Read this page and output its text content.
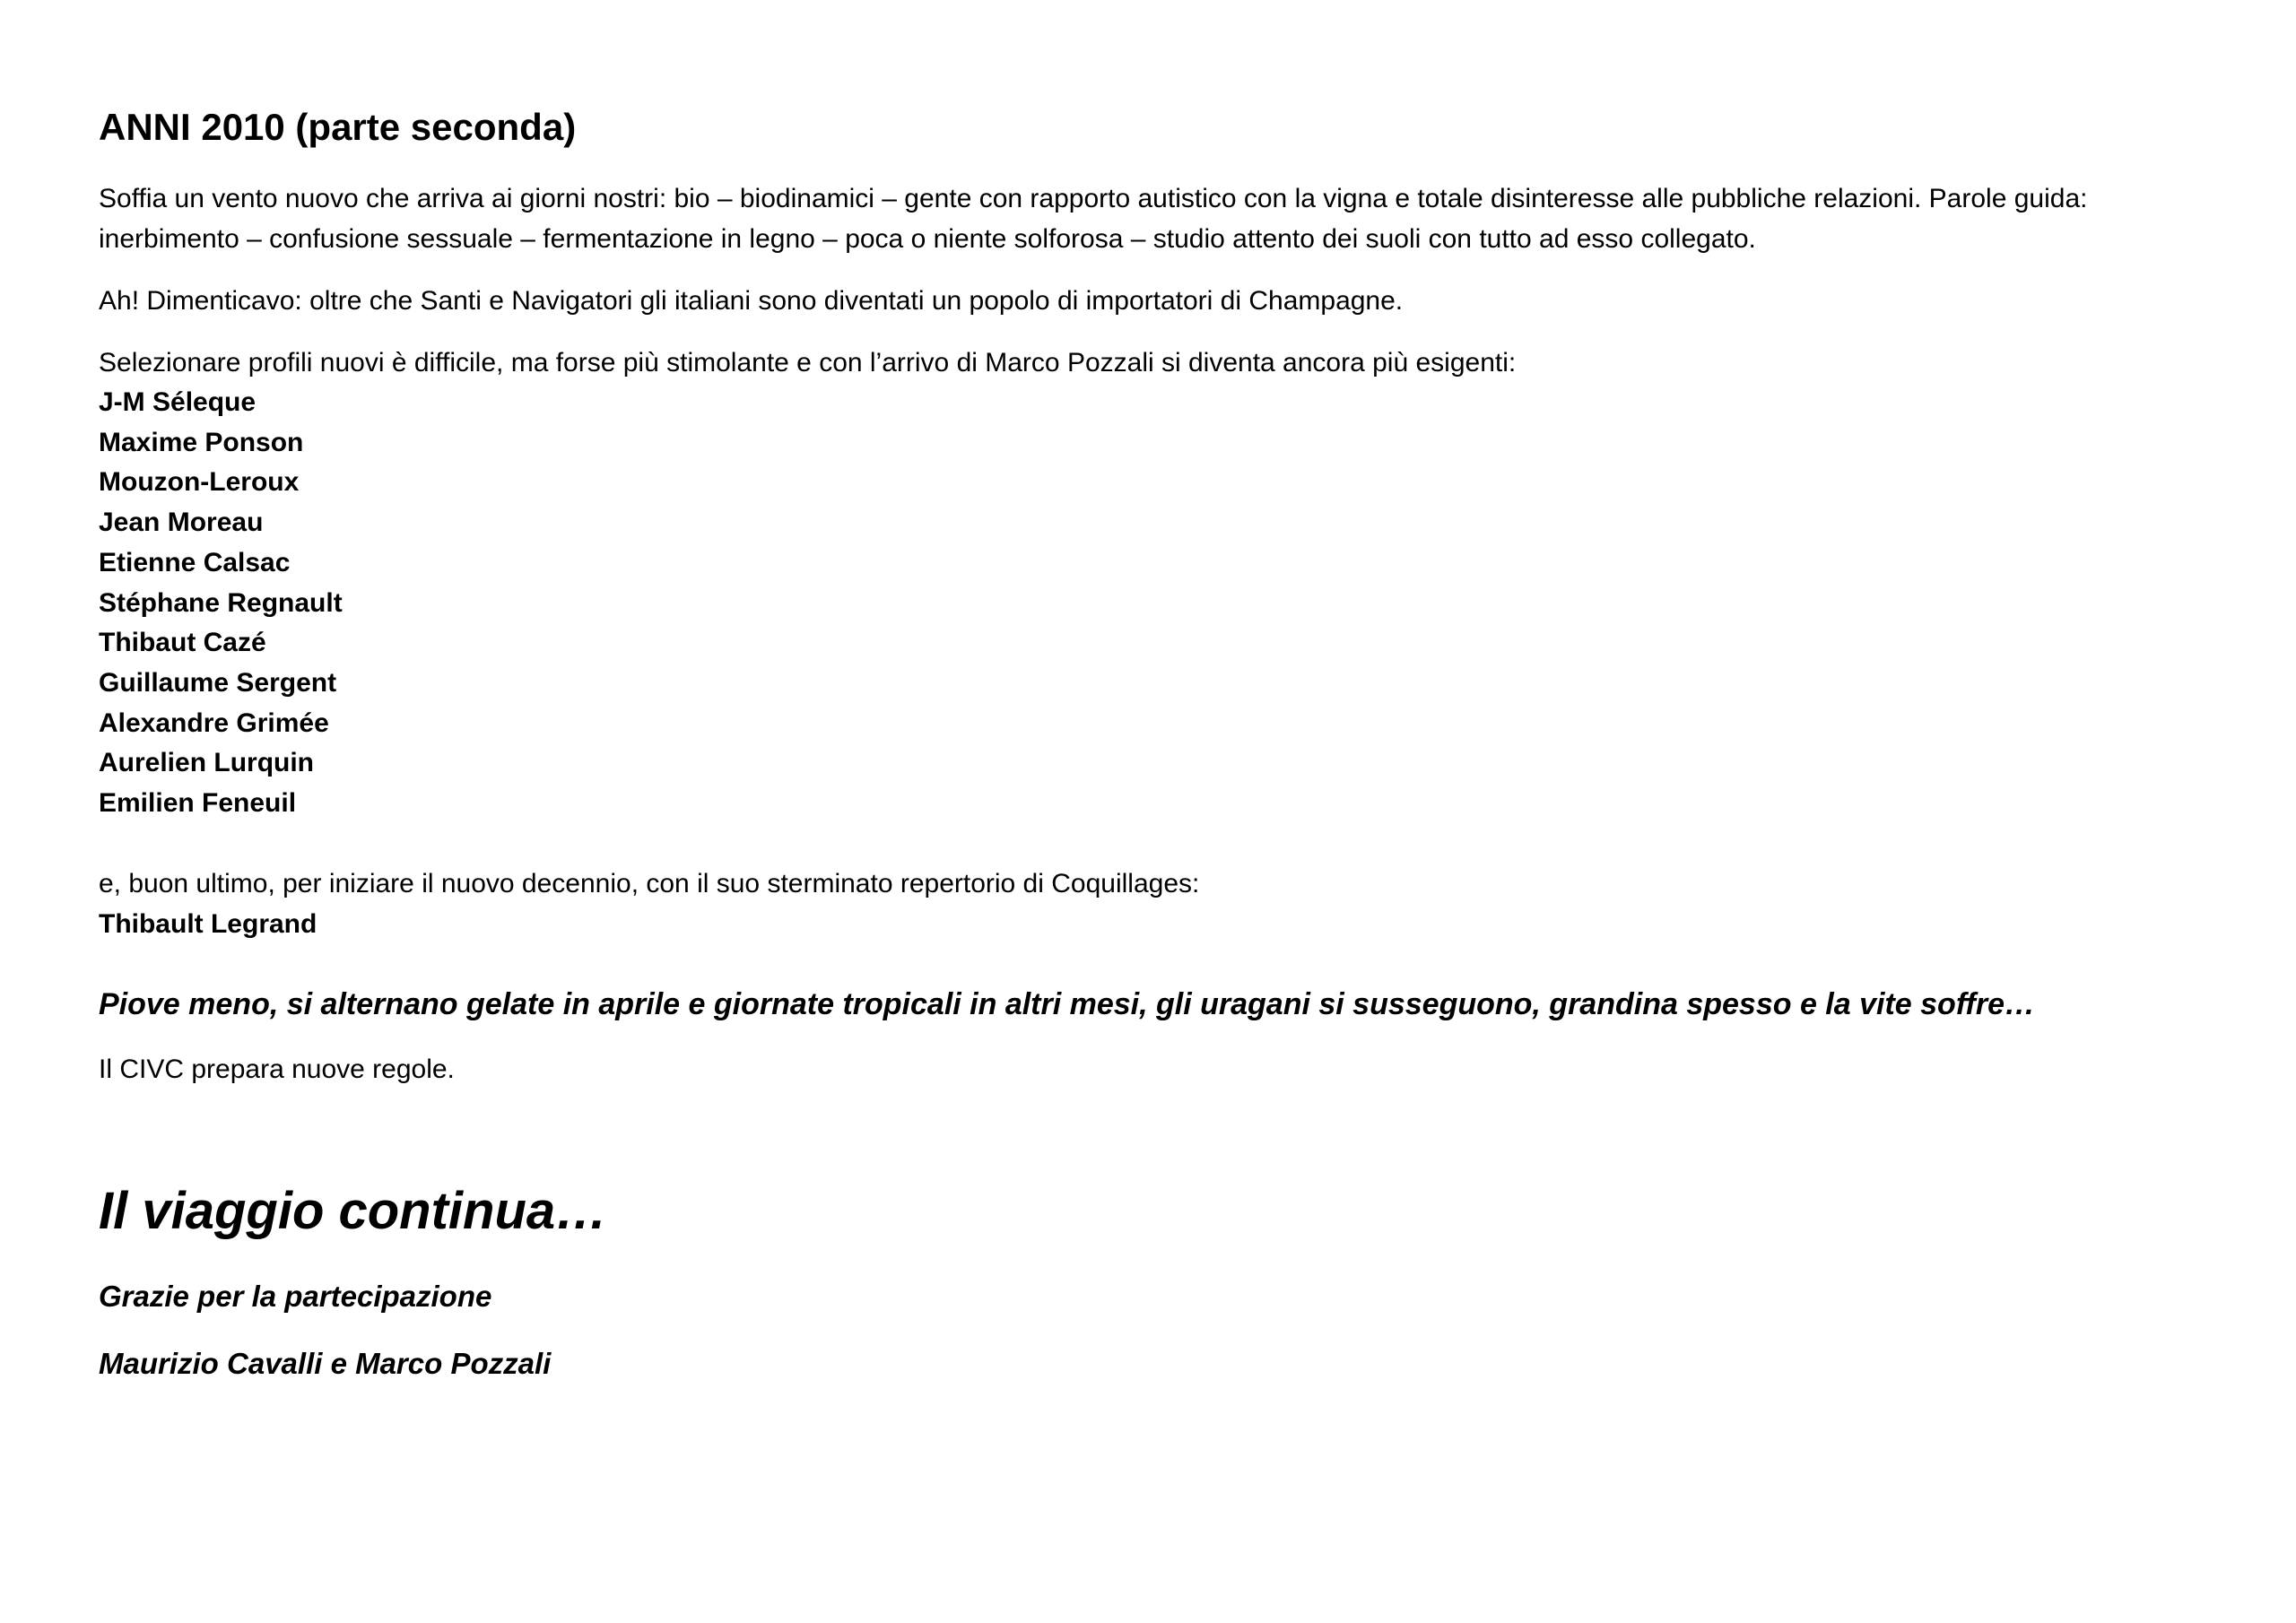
ANNI 2010 (parte seconda)
Soffia un vento nuovo che arriva ai giorni nostri: bio – biodinamici – gente con rapporto autistico con la vigna e totale disinteresse alle pubbliche relazioni. Parole guida:
inerbimento – confusione sessuale – fermentazione in legno – poca o niente solforosa – studio attento dei suoli con tutto ad esso collegato.
Ah! Dimenticavo: oltre che Santi e Navigatori gli italiani sono diventati un popolo di importatori di Champagne.
Selezionare profili nuovi è difficile, ma forse più stimolante e con l’arrivo di Marco Pozzali si diventa ancora più esigenti:
J-M Séleque
Maxime Ponson
Mouzon-Leroux
Jean Moreau
Etienne Calsac
Stéphane Regnault
Thibaut Cazé
Guillaume Sergent
Alexandre Grimée
Aurelien Lurquin
Emilien Feneuil
e, buon ultimo, per iniziare il nuovo decennio, con il suo sterminato repertorio di Coquillages:
Thibault Legrand
Piove meno, si alternano gelate in aprile e giornate tropicali in altri mesi, gli uragani si susseguono, grandina spesso e la vite soffre…
Il CIVC prepara nuove regole.
Il viaggio continua…
Grazie per la partecipazione
Maurizio Cavalli e Marco Pozzali
